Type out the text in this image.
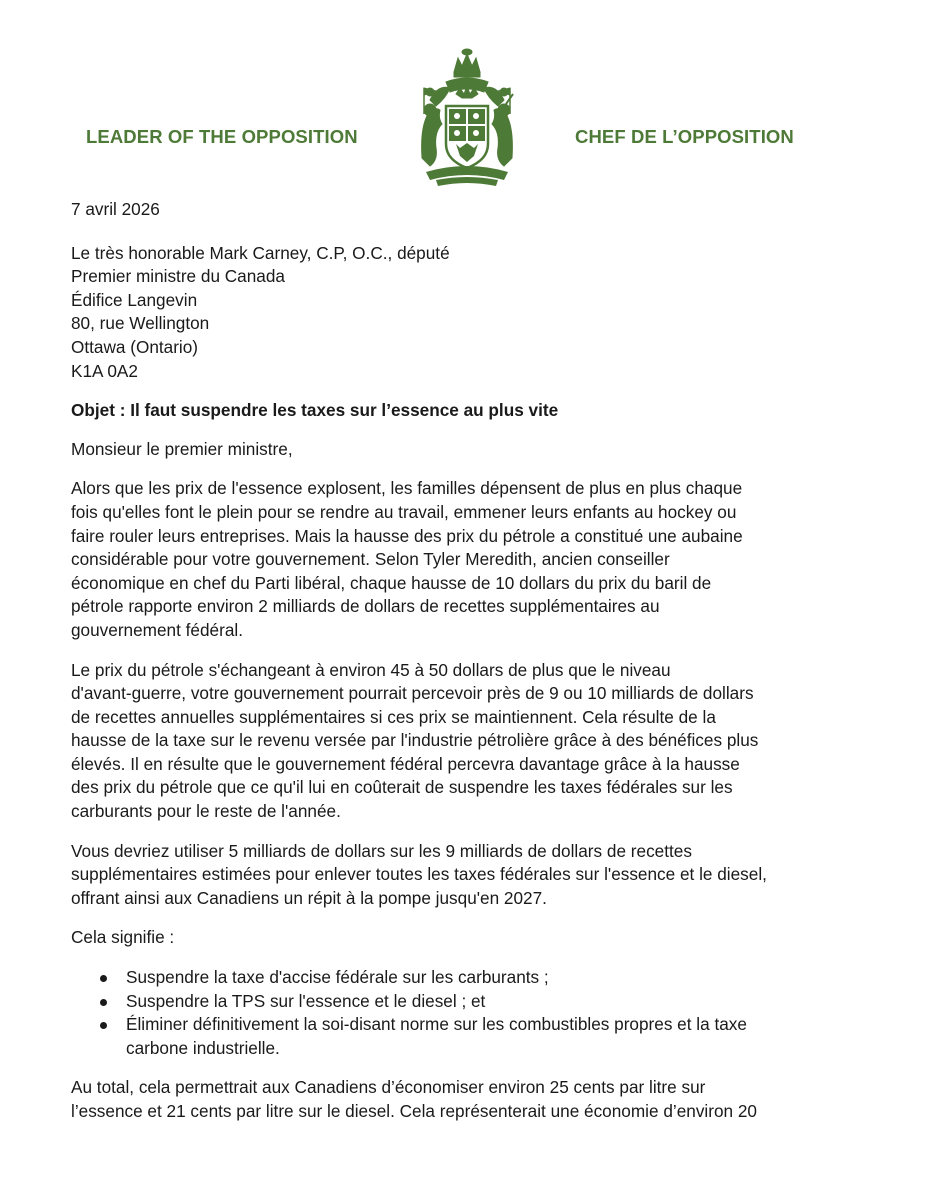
LEADER OF THE OPPOSITION	CHEF DE L’OPPOSITION
7 avril 2026
Le très honorable Mark Carney, C.P, O.C., député
Premier ministre du Canada
Édifice Langevin
80, rue Wellington
Ottawa (Ontario)
K1A 0A2
Objet : Il faut suspendre les taxes sur l’essence au plus vite
Monsieur le premier ministre,
Alors que les prix de l'essence explosent, les familles dépensent de plus en plus chaque
fois qu'elles font le plein pour se rendre au travail, emmener leurs enfants au hockey ou
faire rouler leurs entreprises. Mais la hausse des prix du pétrole a constitué une aubaine
considérable pour votre gouvernement. Selon Tyler Meredith, ancien conseiller
économique en chef du Parti libéral, chaque hausse de 10 dollars du prix du baril de
pétrole rapporte environ 2 milliards de dollars de recettes supplémentaires au
gouvernement fédéral.
Le prix du pétrole s'échangeant à environ 45 à 50 dollars de plus que le niveau
d'avant-guerre, votre gouvernement pourrait percevoir près de 9 ou 10 milliards de dollars
de recettes annuelles supplémentaires si ces prix se maintiennent. Cela résulte de la
hausse de la taxe sur le revenu versée par l'industrie pétrolière grâce à des bénéfices plus
élevés. Il en résulte que le gouvernement fédéral percevra davantage grâce à la hausse
des prix du pétrole que ce qu'il lui en coûterait de suspendre les taxes fédérales sur les
carburants pour le reste de l'année.
Vous devriez utiliser 5 milliards de dollars sur les 9 milliards de dollars de recettes
supplémentaires estimées pour enlever toutes les taxes fédérales sur l'essence et le diesel,
offrant ainsi aux Canadiens un répit à la pompe jusqu'en 2027.
Cela signifie :
Suspendre la taxe d'accise fédérale sur les carburants ;
Suspendre la TPS sur l'essence et le diesel ; et
Éliminer définitivement la soi-disant norme sur les combustibles propres et la taxe
carbone industrielle.
Au total, cela permettrait aux Canadiens d’économiser environ 25 cents par litre sur
l’essence et 21 cents par litre sur le diesel. Cela représenterait une économie d’environ 20
